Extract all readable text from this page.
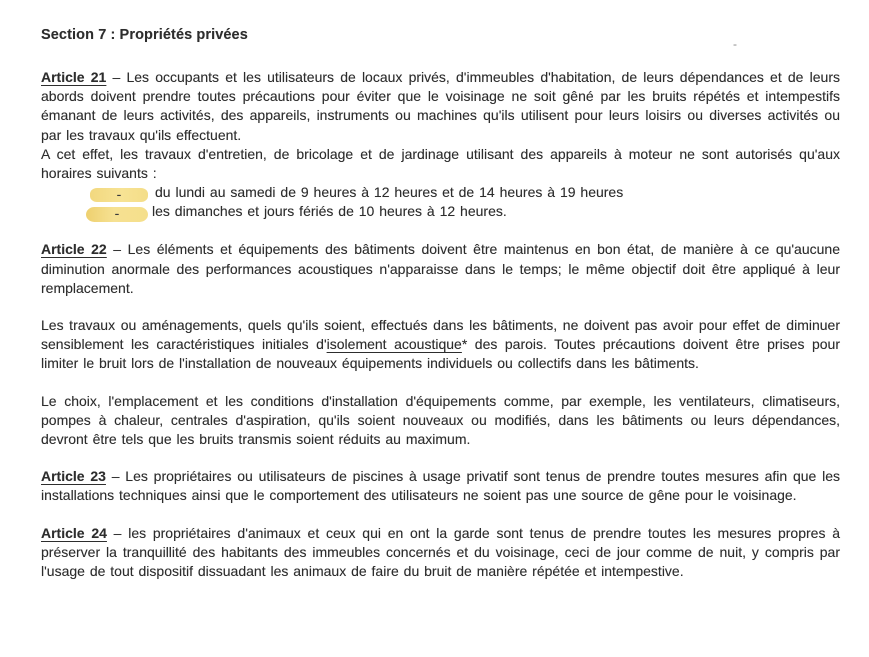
-
Section 7 : Propriétés privées

Article 21 – Les occupants et les utilisateurs de locaux privés, d'immeubles d'habitation, de leurs dépendances et de leurs abords doivent prendre toutes précautions pour éviter que le voisinage ne soit gêné par les bruits répétés et intempestifs émanant de leurs activités, des appareils, instruments ou machines qu'ils utilisent pour leurs loisirs ou diverses activités ou par les travaux qu'ils effectuent.
A cet effet, les travaux d'entretien, de bricolage et de jardinage utilisant des appareils à moteur ne sont autorisés qu'aux horaires suivants :

- du lundi au samedi de 9 heures à 12 heures et de 14 heures à 19 heures
- les dimanches et jours fériés de 10 heures à 12 heures.

Article 22 – Les éléments et équipements des bâtiments doivent être maintenus en bon état, de manière à ce qu'aucune diminution anormale des performances acoustiques n'apparaisse dans le temps; le même objectif doit être appliqué à leur remplacement.

Les travaux ou aménagements, quels qu'ils soient, effectués dans les bâtiments, ne doivent pas avoir pour effet de diminuer sensiblement les caractéristiques initiales d'isolement acoustique* des parois. Toutes précautions doivent être prises pour limiter le bruit lors de l'installation de nouveaux équipements individuels ou collectifs dans les bâtiments.

Le choix, l'emplacement et les conditions d'installation d'équipements comme, par exemple, les ventilateurs, climatiseurs, pompes à chaleur, centrales d'aspiration, qu'ils soient nouveaux ou modifiés, dans les bâtiments ou leurs dépendances, devront être tels que les bruits transmis soient réduits au maximum.

Article 23 – Les propriétaires ou utilisateurs de piscines à usage privatif sont tenus de prendre toutes mesures afin que les installations techniques ainsi que le comportement des utilisateurs ne soient pas une source de gêne pour le voisinage.

Article 24 – les propriétaires d'animaux et ceux qui en ont la garde sont tenus de prendre toutes les mesures propres à préserver la tranquillité des habitants des immeubles concernés et du voisinage, ceci de jour comme de nuit, y compris par l'usage de tout dispositif dissuadant les animaux de faire du bruit de manière répétée et intempestive.
